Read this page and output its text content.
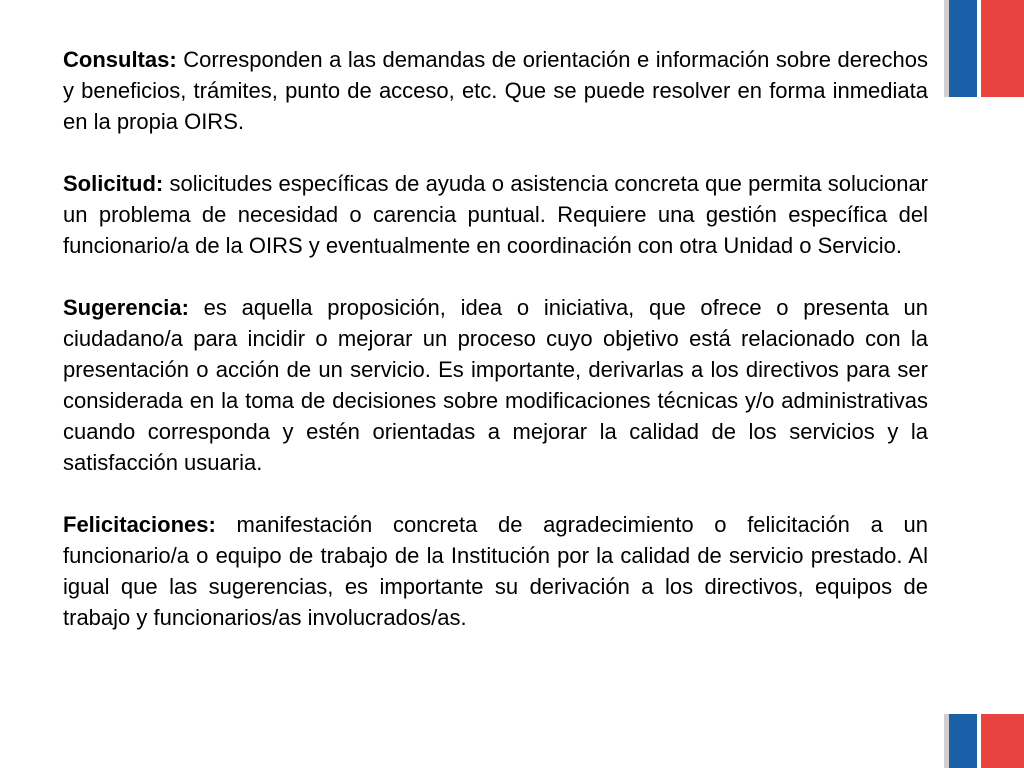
Consultas: Corresponden a las demandas de orientación e información sobre derechos y beneficios, trámites, punto de acceso, etc. Que se puede resolver en forma inmediata en la propia OIRS.

Solicitud: solicitudes específicas de ayuda o asistencia concreta que permita solucionar un problema de necesidad o carencia puntual. Requiere una gestión específica del funcionario/a de la OIRS y eventualmente en coordinación con otra Unidad o Servicio.

Sugerencia: es aquella proposición, idea o iniciativa, que ofrece o presenta un ciudadano/a para incidir o mejorar un proceso cuyo objetivo está relacionado con la presentación o acción de un servicio. Es importante, derivarlas a los directivos para ser considerada en la toma de decisiones sobre modificaciones técnicas y/o administrativas cuando corresponda y estén orientadas a mejorar la calidad de los servicios y la satisfacción usuaria.

Felicitaciones: manifestación concreta de agradecimiento o felicitación a un funcionario/a o equipo de trabajo de la Institución por la calidad de servicio prestado. Al igual que las sugerencias, es importante su derivación a los directivos, equipos de trabajo y funcionarios/as involucrados/as.
